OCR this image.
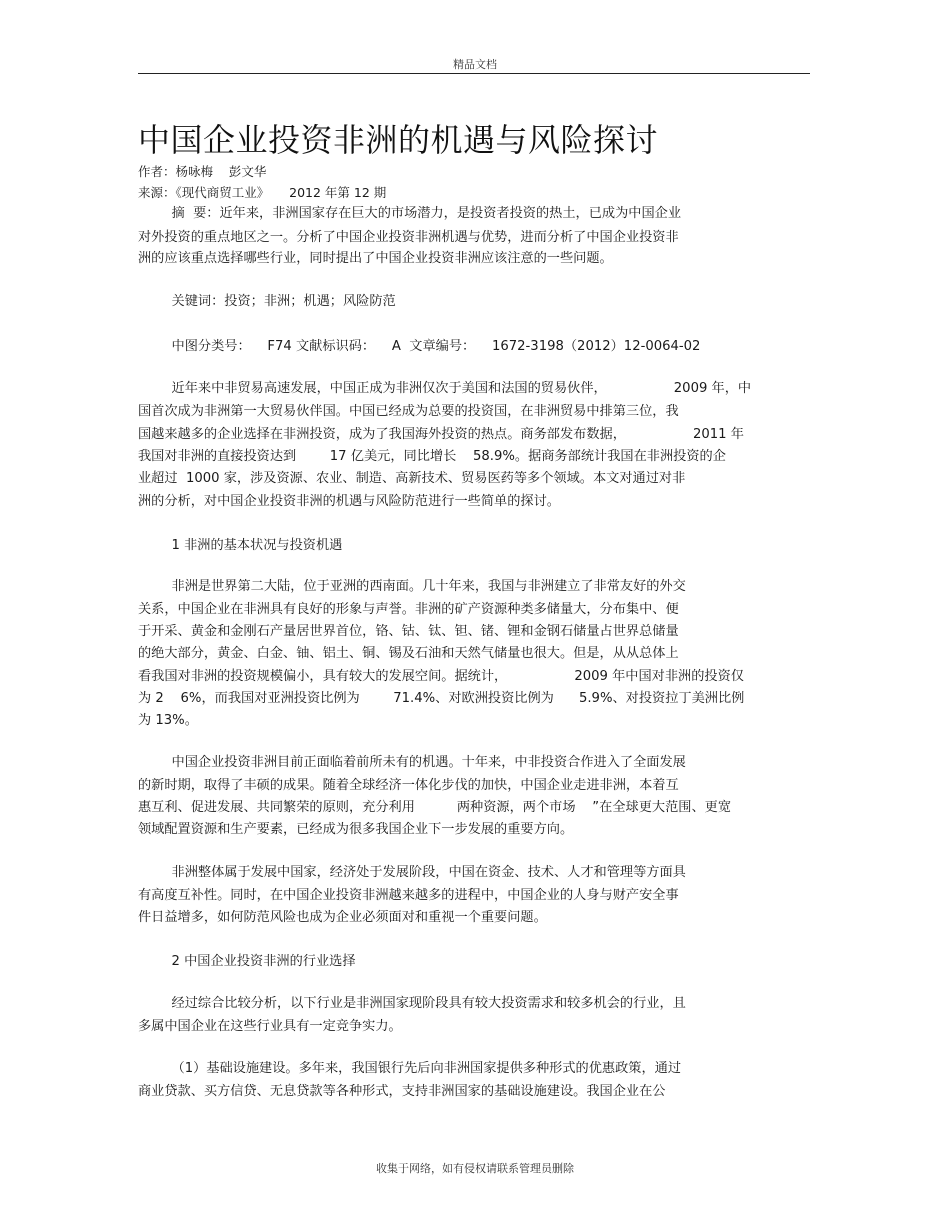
精品文档
中国企业投资非洲的机遇与风险探讨
作者：杨咏梅    彭文华
来源：《现代商贸工业》     2012 年第 12 期
摘  要：近年来，非洲国家存在巨大的市场潜力，是投资者投资的热土，已成为中国企业
对外投资的重点地区之一。分析了中国企业投资非洲机遇与优势，进而分析了中国企业投资非
洲的应该重点选择哪些行业，同时提出了中国企业投资非洲应该注意的一些问题。
关键词：投资；非洲；机遇；风险防范
中图分类号：    F74 文献标识码：    A  文章编号：    1672-3198（2012）12-0064-02
近年来中非贸易高速发展，中国正成为非洲仅次于美国和法国的贸易伙伴，                2009 年，中
国首次成为非洲第一大贸易伙伴国。中国已经成为总要的投资国，在非洲贸易中排第三位，我
国越来越多的企业选择在非洲投资，成为了我国海外投资的热点。商务部发布数据，                2011 年
我国对非洲的直接投资达到        17 亿美元，同比增长    58.9%。据商务部统计我国在非洲投资的企
业超过  1000 家，涉及资源、农业、制造、高新技术、贸易医药等多个领域。本文对通过对非
洲的分析，对中国企业投资非洲的机遇与风险防范进行一些简单的探讨。
1 非洲的基本状况与投资机遇
非洲是世界第二大陆，位于亚洲的西南面。几十年来，我国与非洲建立了非常友好的外交
关系，中国企业在非洲具有良好的形象与声誉。非洲的矿产资源种类多储量大，分布集中、便
于开采、黄金和金刚石产量居世界首位，铬、钴、钛、钽、锗、锂和金钢石储量占世界总储量
的绝大部分，黄金、白金、铀、铝土、铜、锡及石油和天然气储量也很大。但是，从从总体上
看我国对非洲的投资规模偏小，具有较大的发展空间。据统计，                2009 年中国对非洲的投资仅
为 2    6%，而我国对亚洲投资比例为        71.4%、对欧洲投资比例为      5.9%、对投资拉丁美洲比例
为 13%。
中国企业投资非洲目前正面临着前所未有的机遇。十年来，中非投资合作进入了全面发展
的新时期，取得了丰硕的成果。随着全球经济一体化步伐的加快，中国企业走进非洲，本着互
惠互利、促进发展、共同繁荣的原则，充分利用          两种资源，两个市场    ”在全球更大范围、更宽
领域配置资源和生产要素，已经成为很多我国企业下一步发展的重要方向。
非洲整体属于发展中国家，经济处于发展阶段，中国在资金、技术、人才和管理等方面具
有高度互补性。同时，在中国企业投资非洲越来越多的进程中，中国企业的人身与财产安全事
件日益增多，如何防范风险也成为企业必须面对和重视一个重要问题。
2 中国企业投资非洲的行业选择
经过综合比较分析，以下行业是非洲国家现阶段具有较大投资需求和较多机会的行业，且
多属中国企业在这些行业具有一定竞争实力。
（1）基础设施建设。多年来，我国银行先后向非洲国家提供多种形式的优惠政策，通过
商业贷款、买方信贷、无息贷款等各种形式，支持非洲国家的基础设施建设。我国企业在公
收集于网络，如有侵权请联系管理员删除
